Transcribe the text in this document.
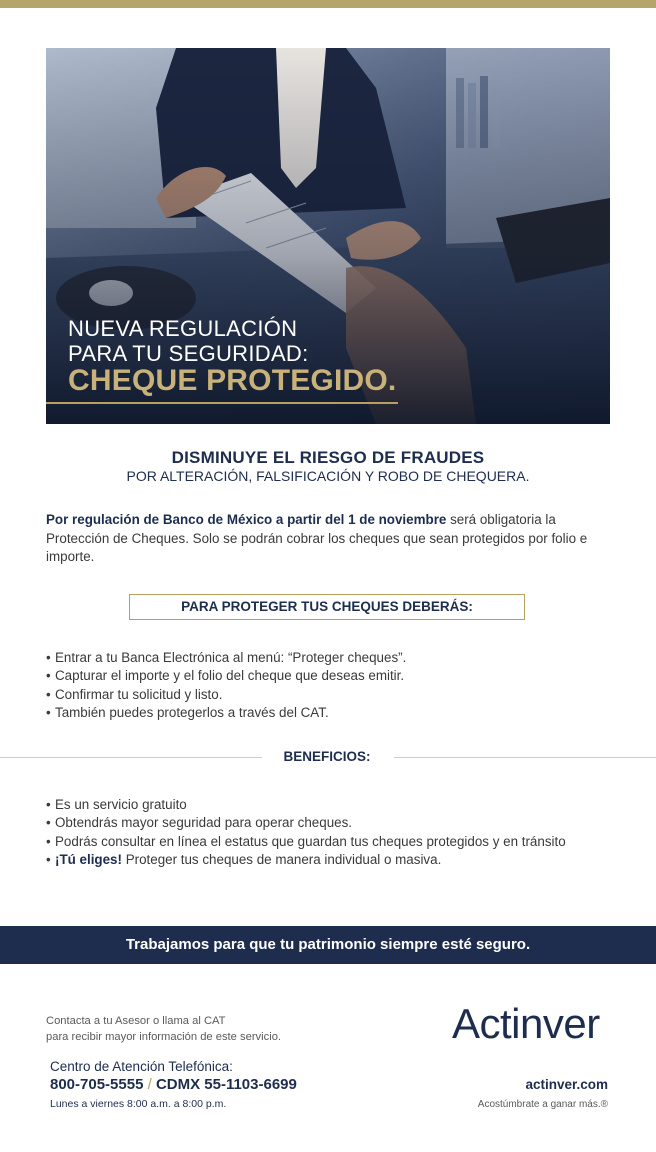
NUEVA REGULACIÓN
PARA TU SEGURIDAD:
CHEQUE PROTEGIDO.
DISMINUYE EL RIESGO DE FRAUDES
POR ALTERACIÓN, FALSIFICACIÓN Y ROBO DE CHEQUERA.
Por regulación de Banco de México a partir del 1 de noviembre será obligatoria la Protección de Cheques. Solo se podrán cobrar los cheques que sean protegidos por folio e importe.
PARA PROTEGER TUS CHEQUES DEBERÁS:
• Entrar a tu Banca Electrónica al menú: “Proteger cheques”.
• Capturar el importe y el folio del cheque que deseas emitir.
• Confirmar tu solicitud y listo.
• También puedes protegerlos a través del CAT.
BENEFICIOS:
• Es un servicio gratuito
• Obtendrás mayor seguridad para operar cheques.
• Podrás consultar en línea el estatus que guardan tus cheques protegidos y en tránsito
• ¡Tú eliges! Proteger tus cheques de manera individual o masiva.
Trabajamos para que tu patrimonio siempre esté seguro.
Contacta a tu Asesor o llama al CAT
para recibir mayor información de este servicio.
Centro de Atención Telefónica:
800-705-5555 / CDMX 55-1103-6699
Lunes a viernes 8:00 a.m. a 8:00 p.m.
Actinver
actinver.com
Acostúmbrate a ganar más.®
